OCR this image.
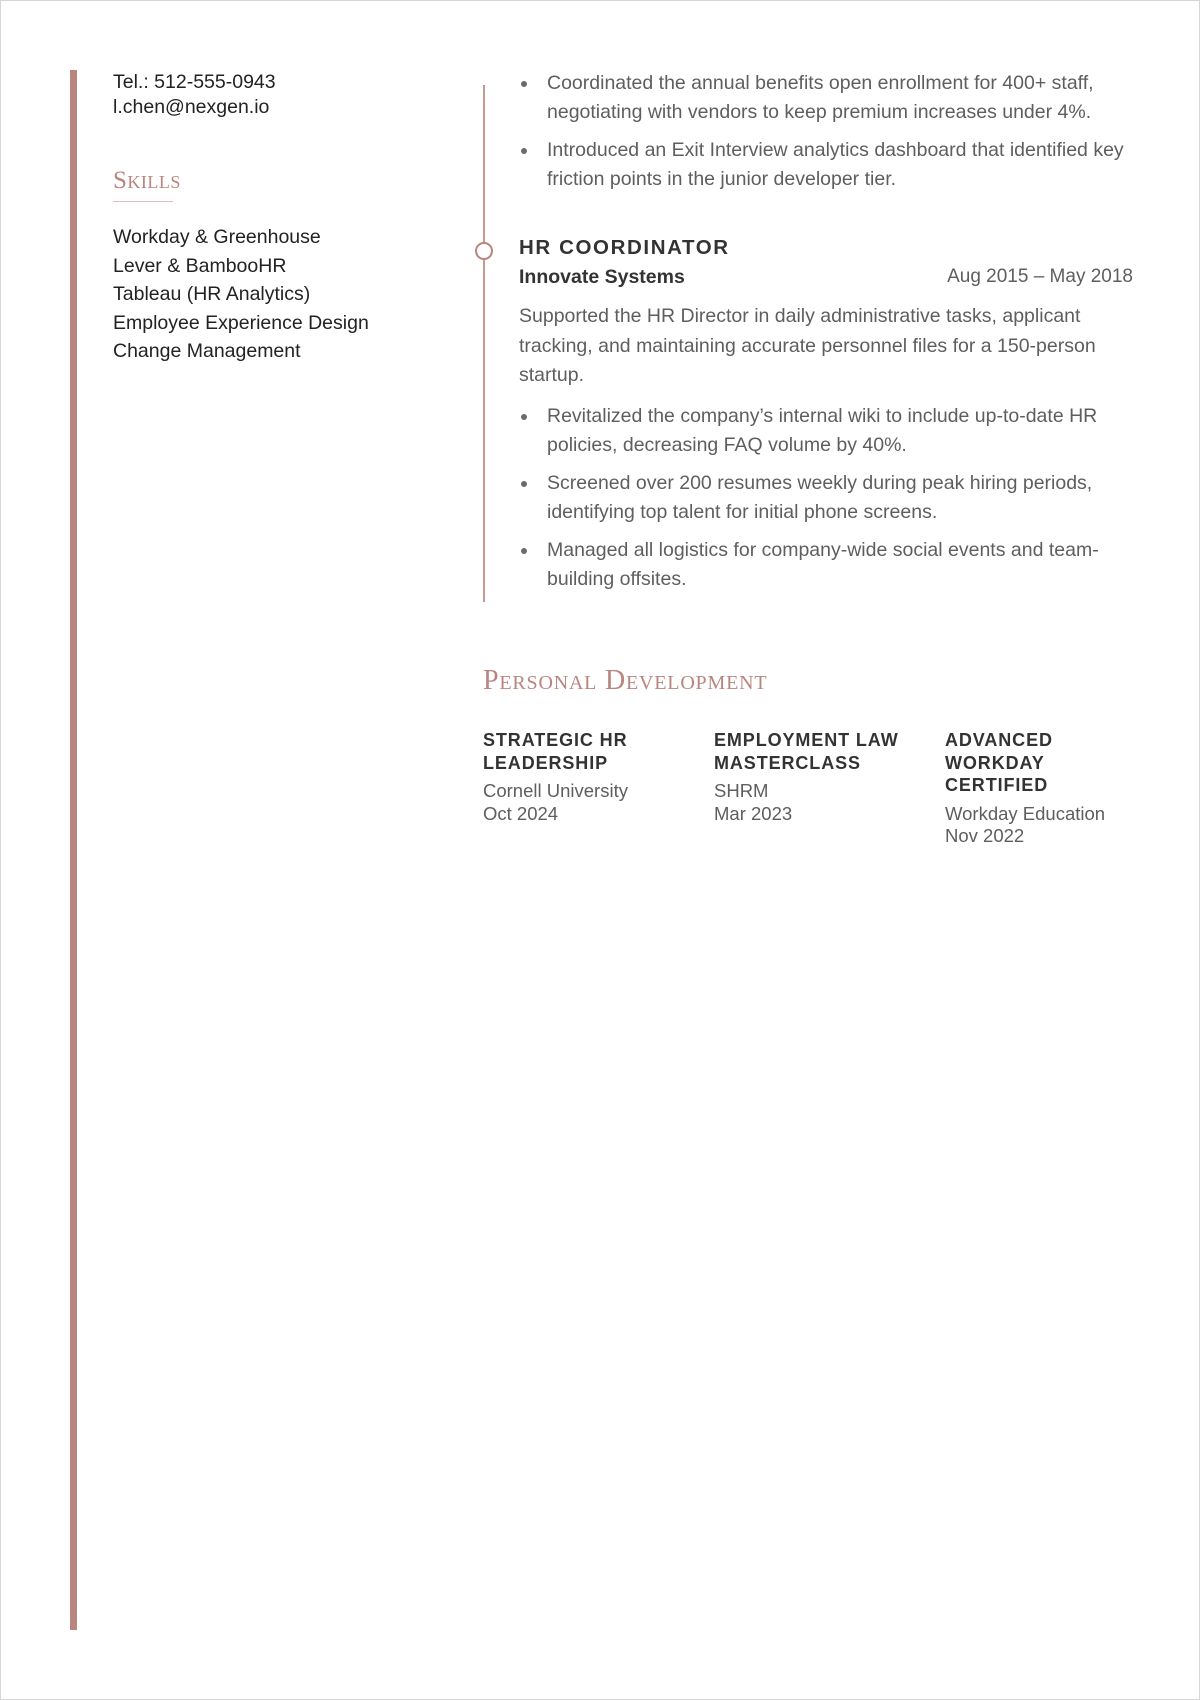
Tel.: 512-555-0943
l.chen@nexgen.io
Skills
Workday & Greenhouse
Lever & BambooHR
Tableau (HR Analytics)
Employee Experience Design
Change Management
Coordinated the annual benefits open enrollment for 400+ staff, negotiating with vendors to keep premium increases under 4%.
Introduced an Exit Interview analytics dashboard that identified key friction points in the junior developer tier.
HR COORDINATOR
Innovate Systems	Aug 2015 – May 2018

Supported the HR Director in daily administrative tasks, applicant tracking, and maintaining accurate personnel files for a 150-person startup.

Revitalized the company’s internal wiki to include up-to-date HR policies, decreasing FAQ volume by 40%.
Screened over 200 resumes weekly during peak hiring periods, identifying top talent for initial phone screens.
Managed all logistics for company-wide social events and team-building offsites.
Personal Development
STRATEGIC HR LEADERSHIP
Cornell University
Oct 2024
EMPLOYMENT LAW MASTERCLASS
SHRM
Mar 2023
ADVANCED WORKDAY CERTIFIED
Workday Education
Nov 2022
